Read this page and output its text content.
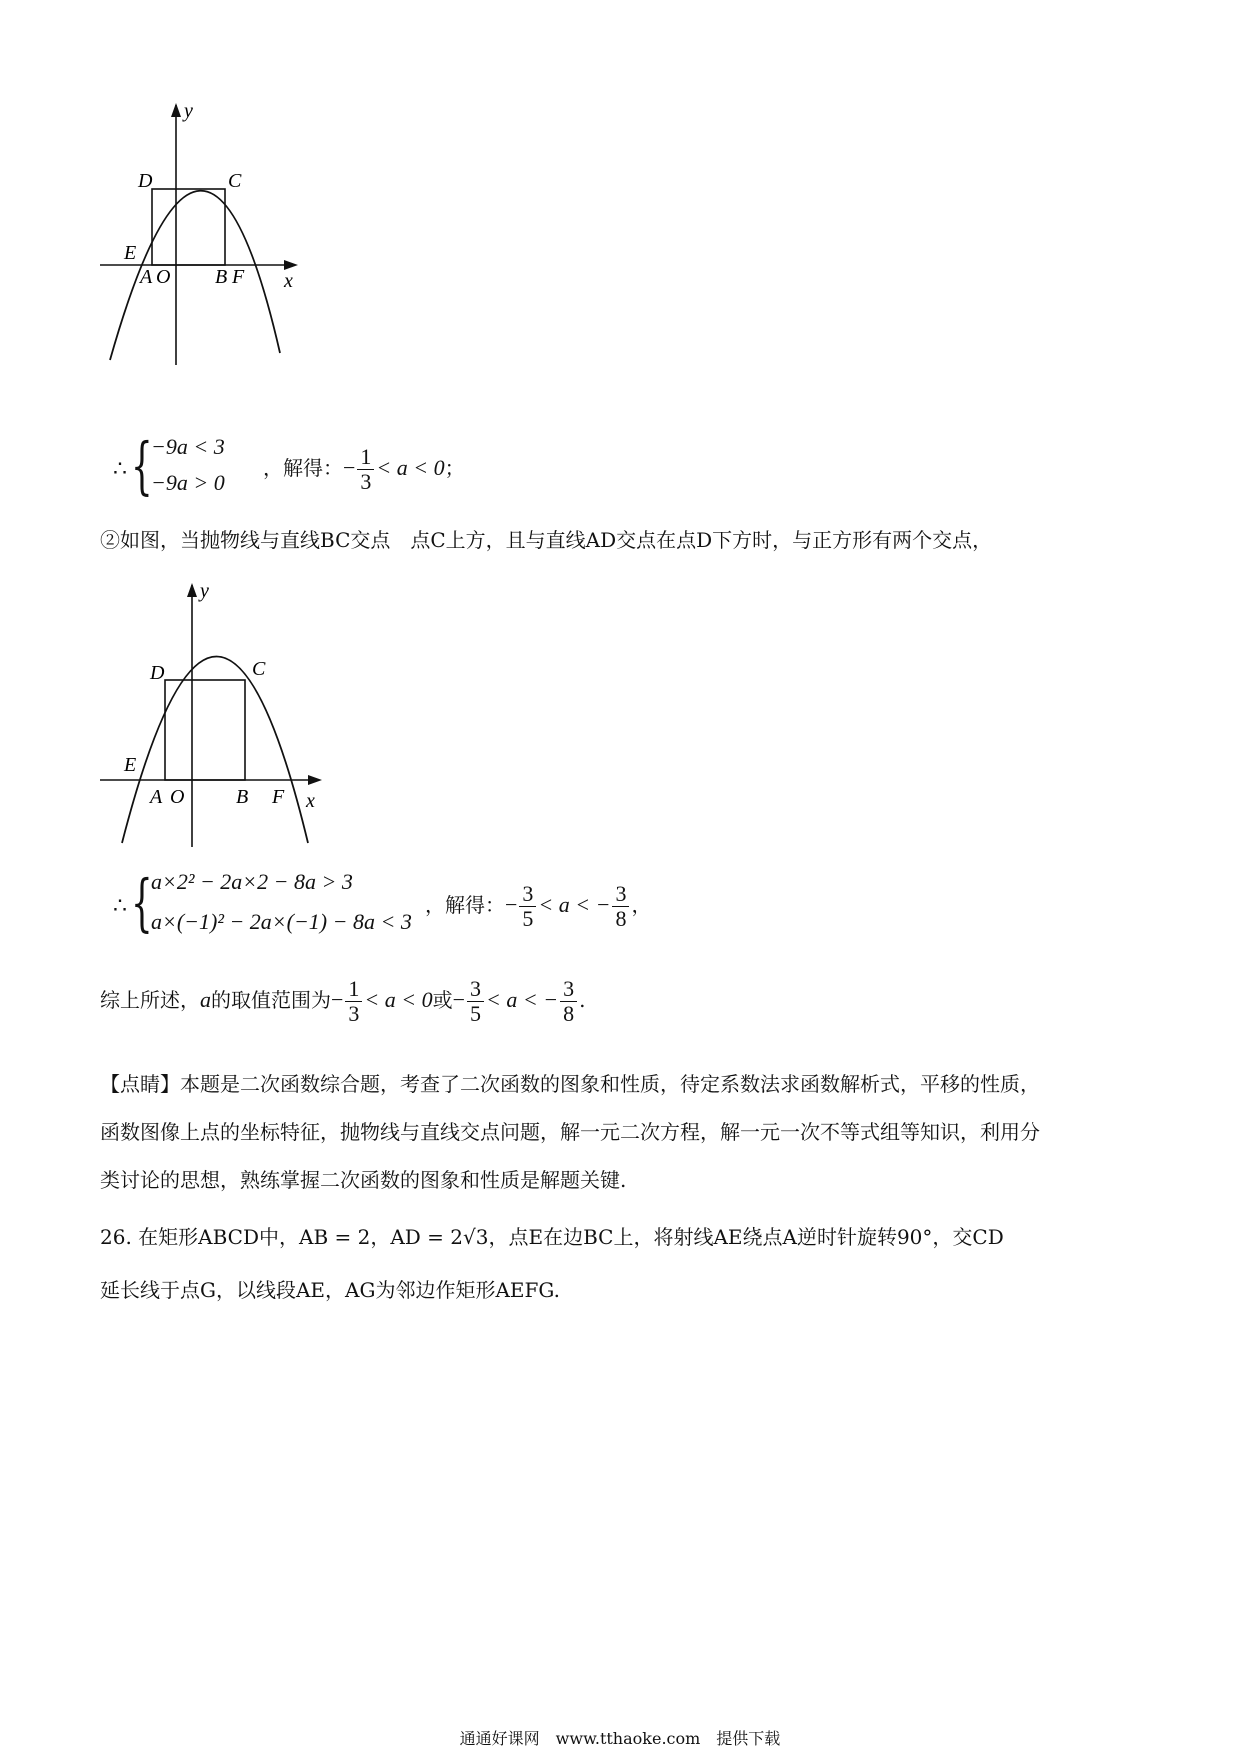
y
D	C
E
A O B F x
∴ {
−9a < 3
−9a > 0
，解得：− $\frac{1}{3} < a < 0$；
②如图，当抛物线与直线BC交点　点C上方，且与直线AD交点在点D下方时，与正方形有两个交点，
y
D	C
E
A O	B F x
∴ {
a×2² − 2a×2 − 8a > 3
a×(−1)² − 2a×(−1) − 8a < 3
，解得：− $\frac{3}{5} < a$ < − $\frac{3}{8}$ ，
综上所述，a的取值范围为− $\frac{1}{3} < a < 0$或− $\frac{3}{5} < a$ < − $\frac{3}{8}$ .
【点睛】本题是二次函数综合题，考查了二次函数的图象和性质，待定系数法求函数解析式，平移的性质，
函数图像上点的坐标特征，抛物线与直线交点问题，解一元二次方程，解一元一次不等式组等知识，利用分
类讨论的思想，熟练掌握二次函数的图象和性质是解题关键.
26. 在矩形ABCD中，AB = 2，AD = 2√3，点E在边BC上，将射线AE绕点A逆时针旋转90°，交CD
延长线于点G，以线段AE，AG为邻边作矩形AEFG.
通通好课网　www.tthaoke.com　提供下载
